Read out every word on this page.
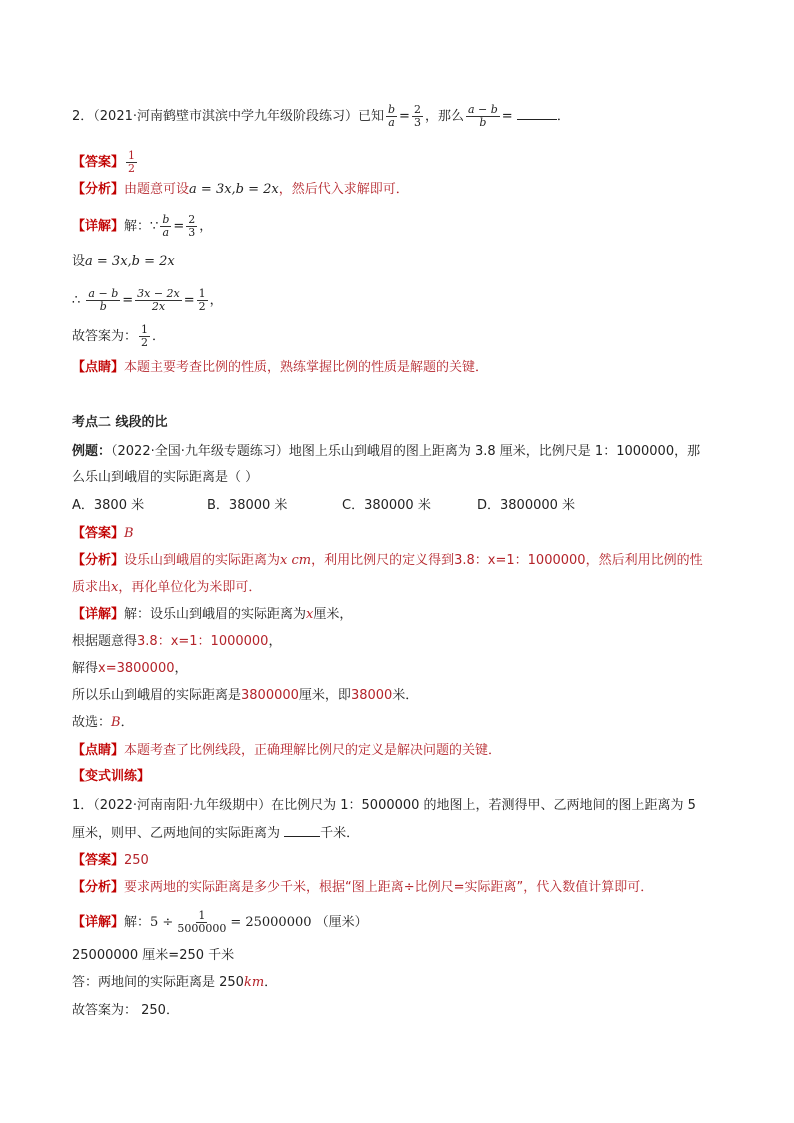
2．（2021·河南鹤壁市淇滨中学九年级阶段练习）已知 $\frac{b}{a} = \frac{2}{3}$ ，那么 $\frac{a - b}{b}$ =	．
【答案】 $\frac{1}{2}$
【分析】由题意可设a = 3x,b = 2x，然后代入求解即可．
【详解】解：∵ $\frac{b}{a} = \frac{2}{3}$ ，
设a = 3x,b = 2x
∴ $\frac{a - b}{b} = \frac{3x - 2x}{2x} = \frac{1}{2}$ ，
故答案为： $\frac{1}{2}$ ．
【点睛】本题主要考查比例的性质，熟练掌握比例的性质是解题的关键．
考点二 线段的比
例题：（2022·全国·九年级专题练习）地图上乐山到峨眉的图上距离为 3.8 厘米，比例尺是 1：1000000，那
么乐山到峨眉的实际距离是（ ）
A．3800 米	B．38000 米	C．380000 米	D．3800000 米
【答案】B
【分析】设乐山到峨眉的实际距离为x cm，利用比例尺的定义得到3.8：x=1：1000000，然后利用比例的性
质求出x，再化单位化为米即可．
【详解】解：设乐山到峨眉的实际距离为x厘米，
根据题意得3.8：x=1：1000000，
解得x=3800000，
所以乐山到峨眉的实际距离是3800000厘米，即38000米．
故选：B．
【点睛】本题考查了比例线段，正确理解比例尺的定义是解决问题的关键．
【变式训练】
1．（2022·河南南阳·九年级期中）在比例尺为 1：5000000 的地图上，若测得甲、乙两地间的图上距离为 5
厘米，则甲、乙两地间的实际距离为	千米．
【答案】250
【分析】要求两地的实际距离是多少千米，根据“图上距离÷比例尺=实际距离”，代入数值计算即可．
【详解】解：$5 \div \frac{1}{5000000} = 25000000$ （厘米）
25000000 厘米=250 千米
答：两地间的实际距离是 250km．
故答案为： 250．
